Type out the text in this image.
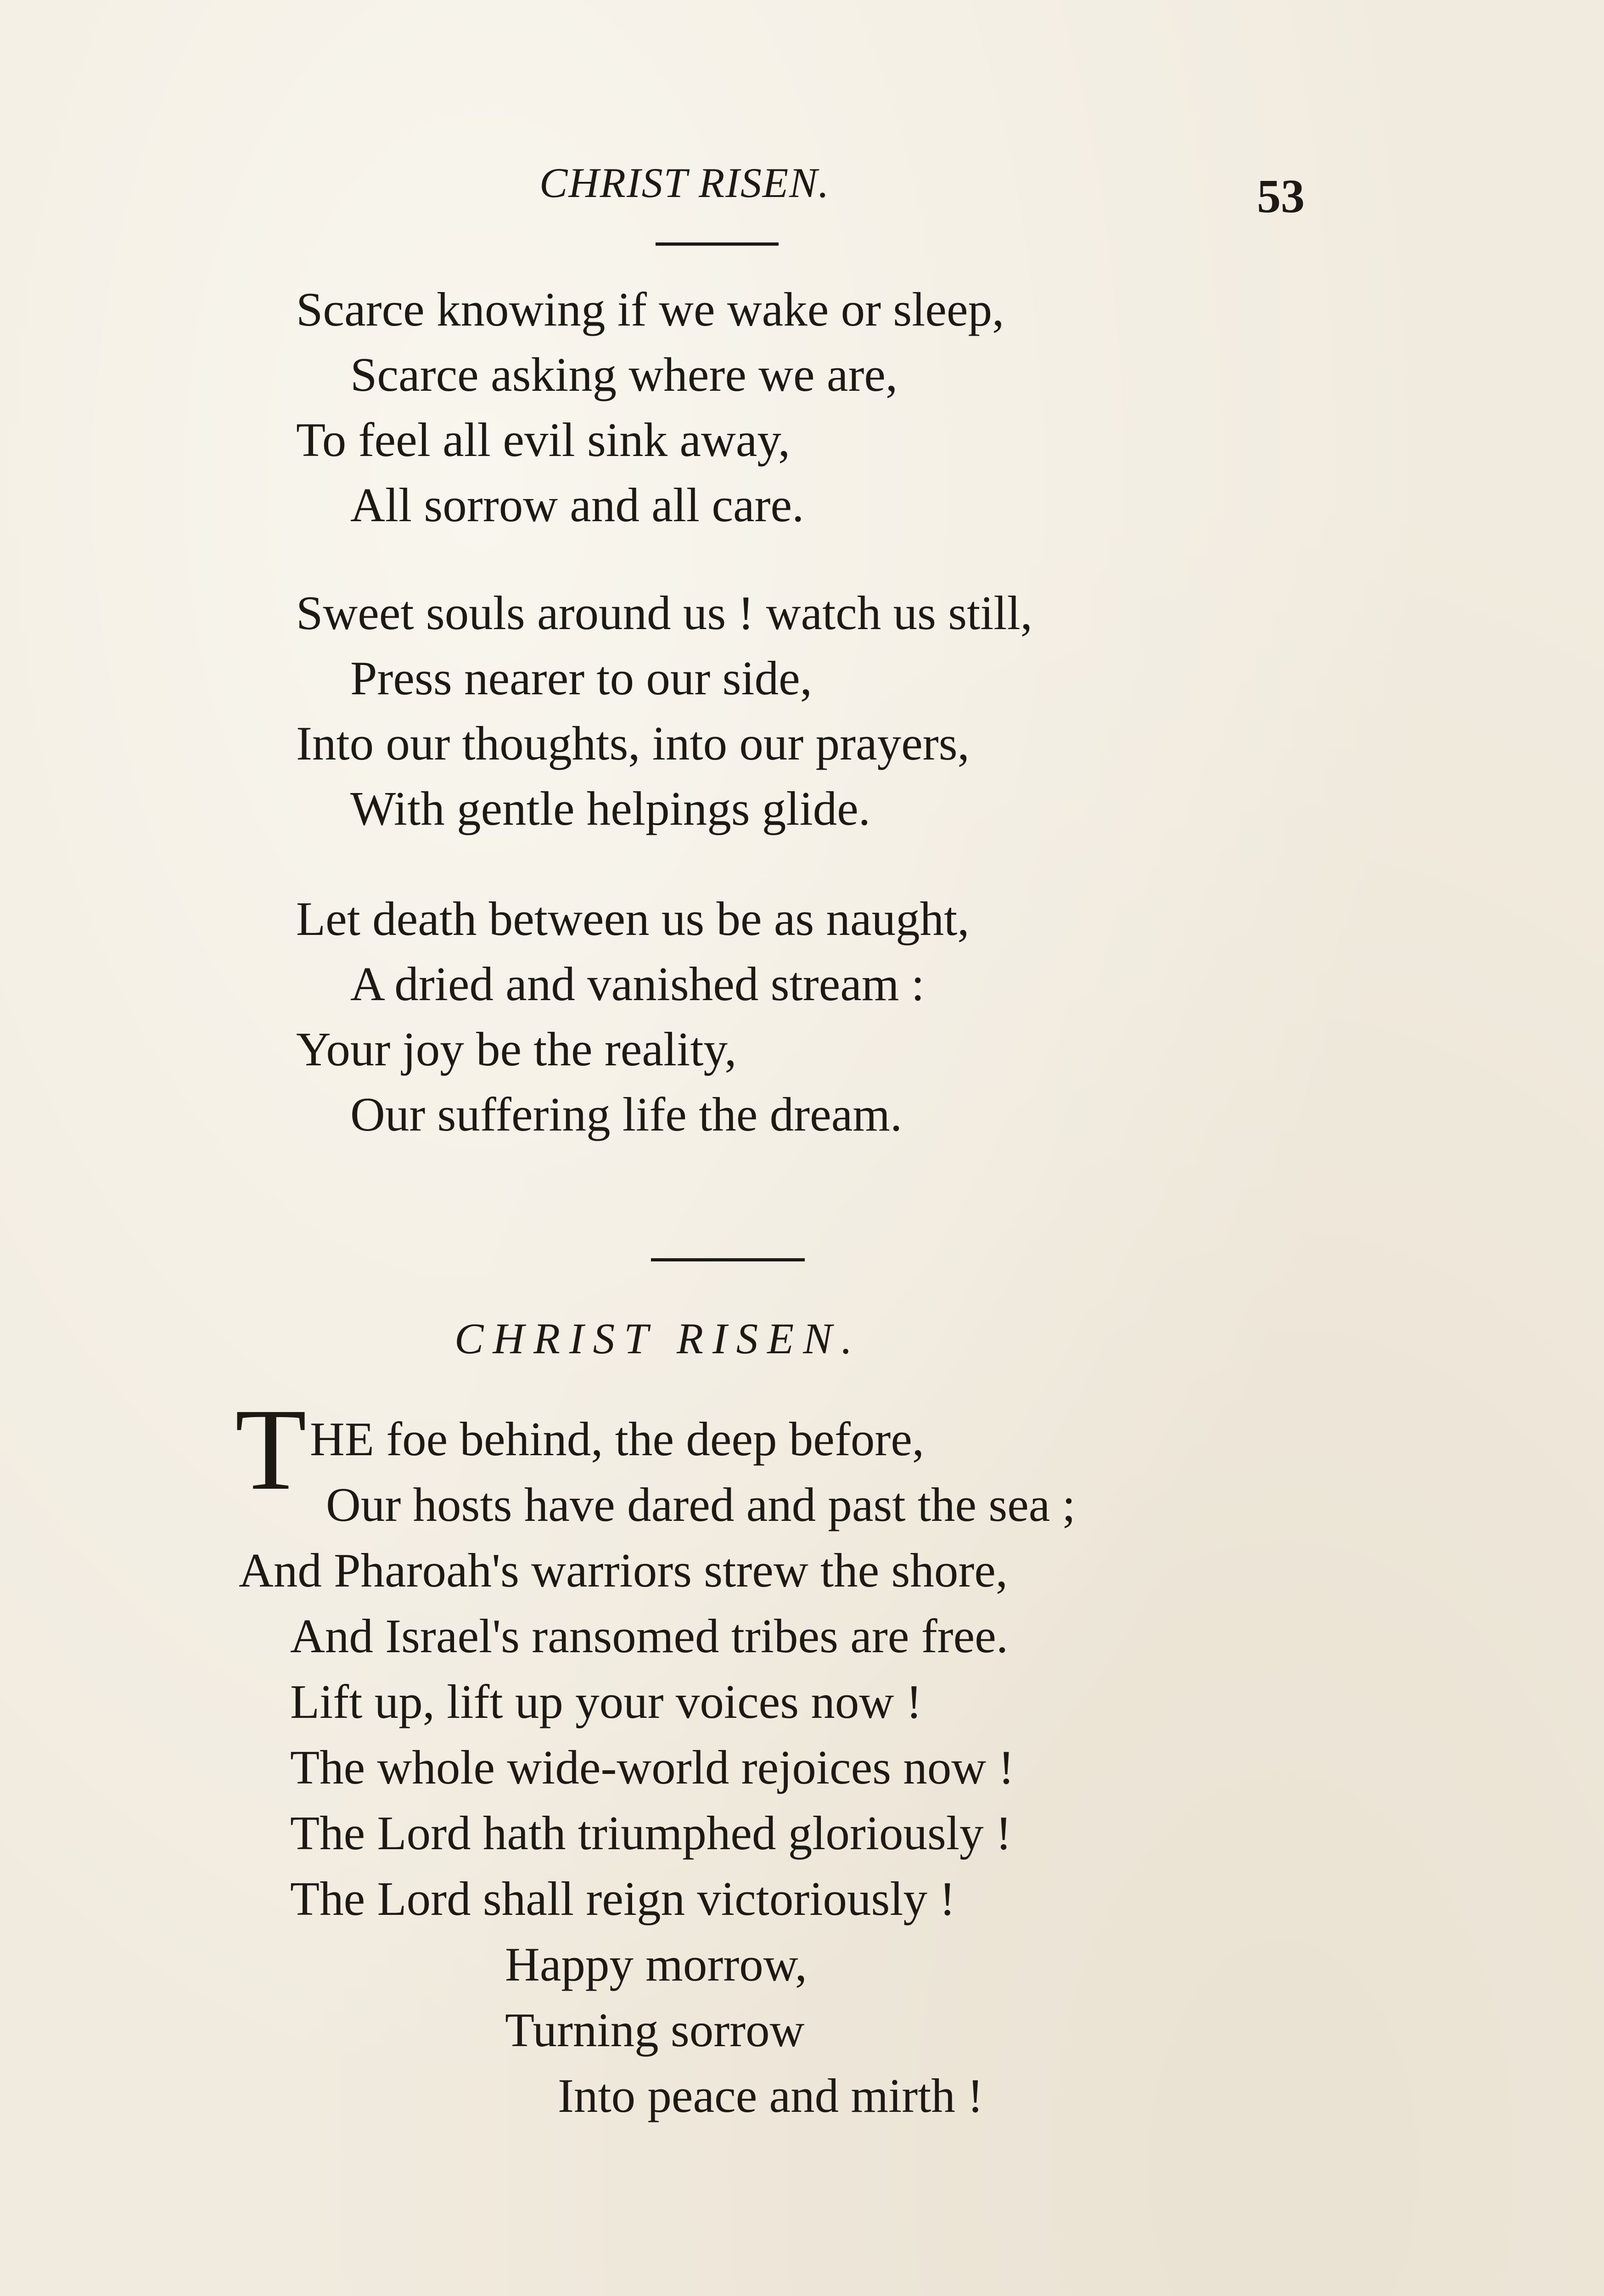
CHRIST RISEN.	53
Scarce knowing if we wake or sleep,
Scarce asking where we are,
To feel all evil sink away,
All sorrow and all care.
Sweet souls around us ! watch us still,
Press nearer to our side,
Into our thoughts, into our prayers,
With gentle helpings glide.
Let death between us be as naught,
A dried and vanished stream :
Your joy be the reality,
Our suffering life the dream.
CHRIST RISEN.
T HE foe behind, the deep before,
Our hosts have dared and past the sea ;
And Pharoah's warriors strew the shore,
And Israel's ransomed tribes are free.
Lift up, lift up your voices now !
The whole wide-world rejoices now !
The Lord hath triumphed gloriously !
The Lord shall reign victoriously !
Happy morrow,
Turning sorrow
Into peace and mirth !
